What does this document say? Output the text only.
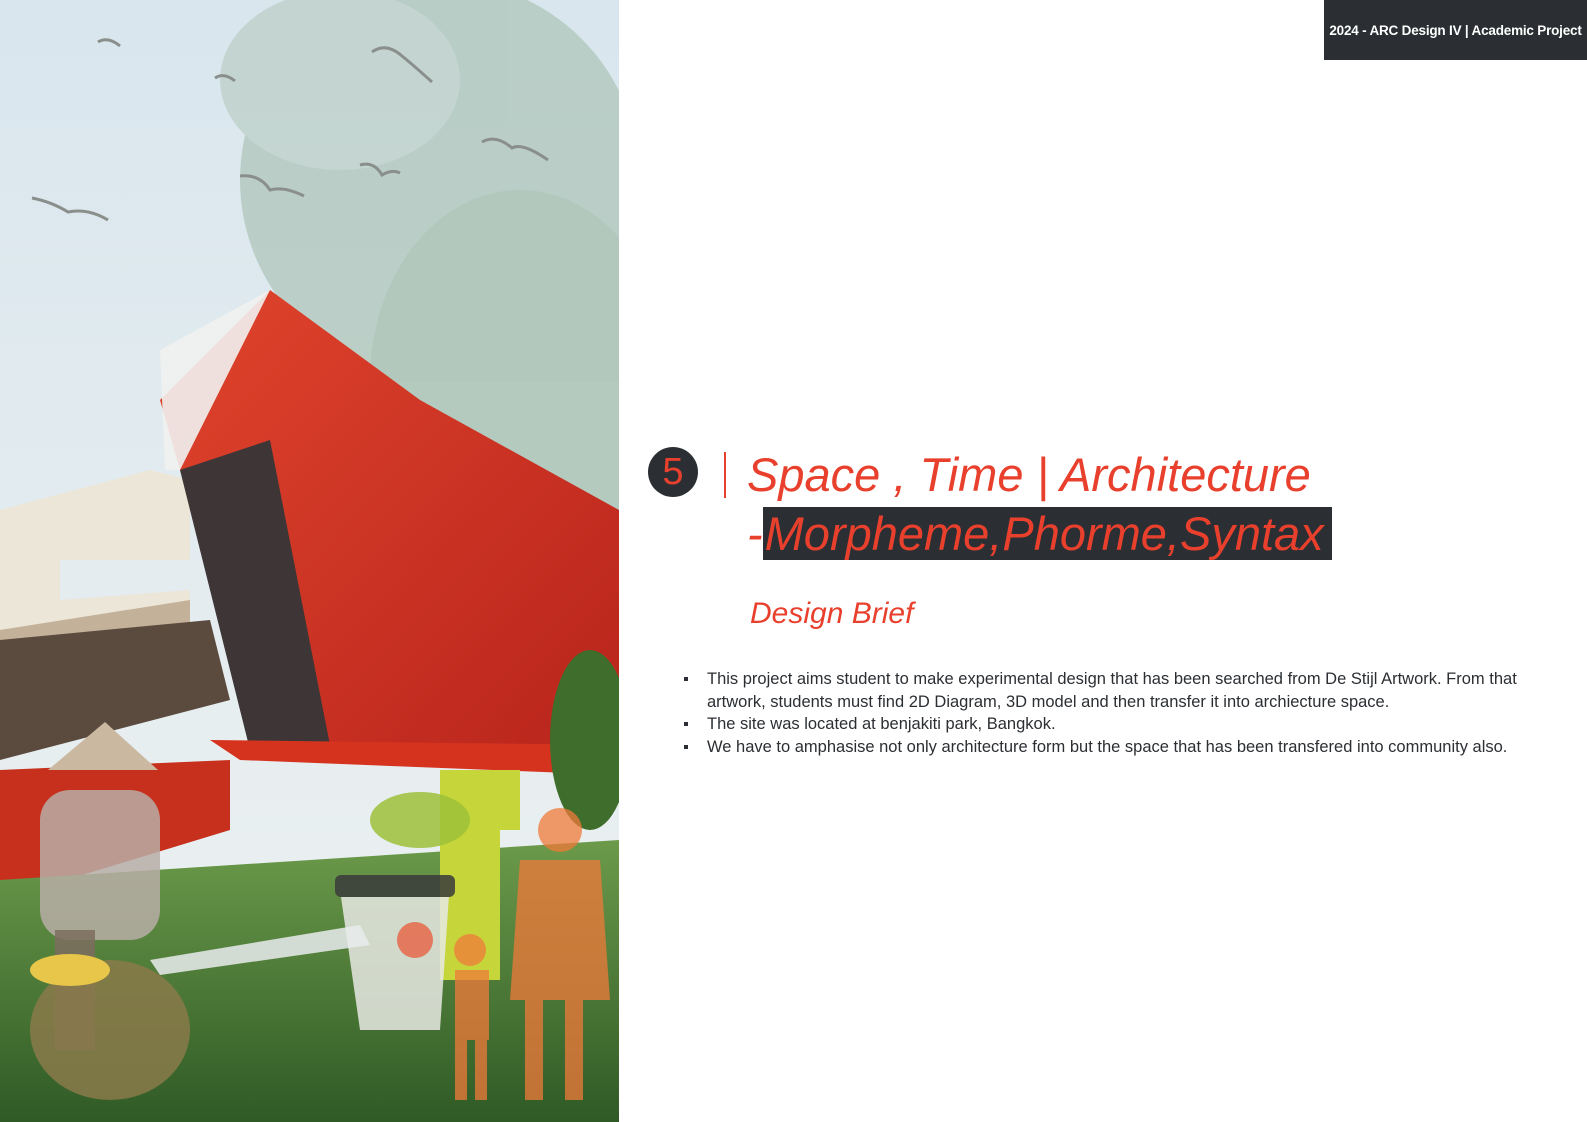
2024 - ARC Design IV | Academic Project
5	Space , Time | Architecture
-Morpheme,Phorme,Syntax
Design Brief
This project aims student to make experimental design that has been searched from De Stijl Artwork. From that artwork, students must find 2D Diagram, 3D model and then transfer it into archiecture space.
The site was located at benjakiti park, Bangkok.
We have to amphasise not only architecture form but the space that has been transfered into community also.
